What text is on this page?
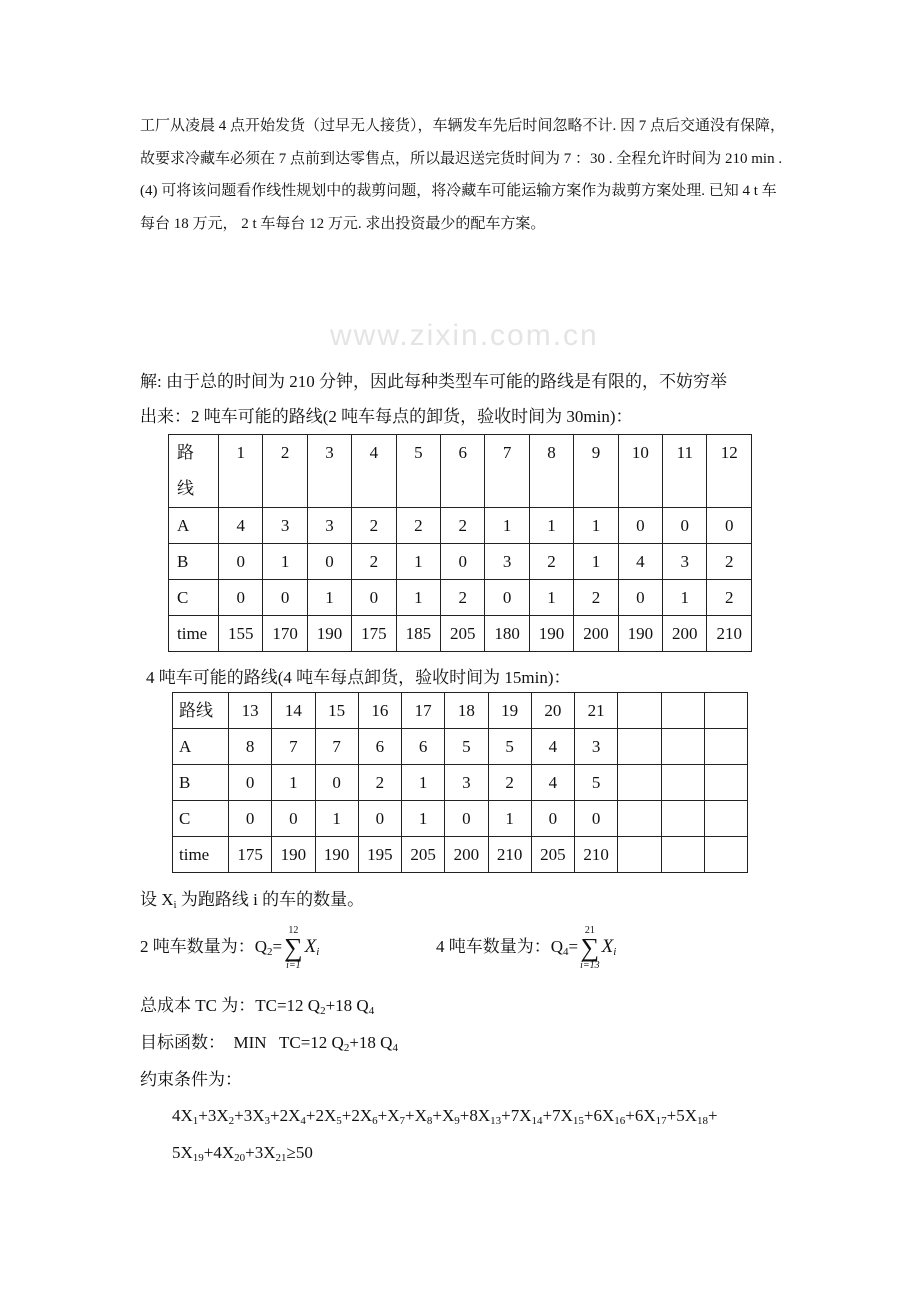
www.zixin.com.cn
工厂从凌晨 4 点开始发货（过早无人接货），车辆发车先后时间忽略不计. 因 7 点后交通没有保障，故要求冷藏车必须在 7 点前到达零售点，所以最迟送完货时间为 7 ：30 . 全程允许时间为 210 min . (4) 可将该问题看作线性规划中的裁剪问题，将冷藏车可能运输方案作为裁剪方案处理. 已知 4 t 车每台 18 万元， 2 t 车每台 12 万元. 求出投资最少的配车方案。
解: 由于总的时间为 210 分钟，因此每种类型车可能的路线是有限的，不妨穷举
出来：2 吨车可能的路线(2 吨车每点的卸货，验收时间为 30min)：
路线	1	2	3	4	5	6	7	8	9	10	11	12
A	4	3	3	2	2	2	1	1	1	0	0	0
B	0	1	0	2	1	0	3	2	1	4	3	2
C	0	0	1	0	1	2	0	1	2	0	1	2
time	155	170	190	175	185	205	180	190	200	190	200	210
4 吨车可能的路线(4 吨车每点卸货，验收时间为 15min)：
路线	13	14	15	16	17	18	19	20	21			
A	8	7	7	6	6	5	5	4	3			
B	0	1	0	2	1	3	2	4	5			
C	0	0	1	0	1	0	1	0	0			
time	175	190	190	195	205	200	210	205	210			
设 $X_i$ 为跑路线 i 的车的数量。
2 吨车数量为：$Q_2=12$
∑
$i=1X_i$	4 吨车数量为：$Q_4=21$
∑
$i=13X_i$
总成本 TC 为：TC=12 $Q_2+18$ $Q_4$
目标函数：  MIN   TC=12 $Q_2+18$ $Q_4$
约束条件为：
$4X_1+3X_2+3X_3+2X_4+2X_5+2X_6+X_7+X_8+X_9+8X_{13}+7X_{14}+7X_{15}+6X_{16}+6X_{17}+5X_{18}+$
$5X_{19}+4X_{20}+3X_{21}\ge 50$
